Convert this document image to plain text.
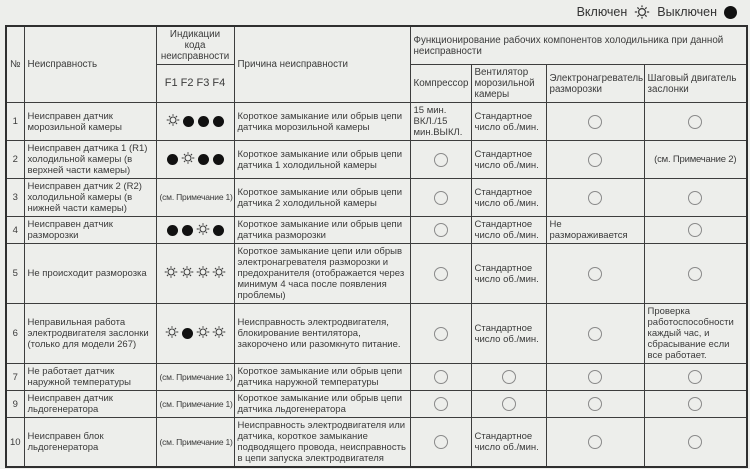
Включен Выключен
№	Неисправность	Индикации кода неисправности	Причина неисправности	Функционирование рабочих компонентов холодильника при данной неисправности			
		F1 F2 F3 F4		Компрессор	Вентилятор морозильной камеры	Электронагреватель разморозки	Шаговый двигатель заслонки
1	Неисправен датчик морозильной камеры		Короткое замыкание или обрыв цепи датчика морозильной камеры	15 мин. ВКЛ./15 мин.ВЫКЛ.	Стандартное число об./мин.		
2	Неисправен датчика 1 (R1) холодильной камеры (в верхней части камеры)		Короткое замыкание или обрыв цепи датчика 1 холодильной камеры		Стандартное число об./мин.		(см. Примечание 2)
3	Неисправен датчик 2 (R2) холодильной камеры (в нижней части камеры)	(см. Примечание 1)	Короткое замыкание или обрыв цепи датчика 2 холодильной камеры		Стандартное число об./мин.		
4	Неисправен датчик разморозки		Короткое замыкание или обрыв цепи датчика разморозки		Стандартное число об./мин.	Не размораживается	
5	Не происходит разморозка		Короткое замыкание цепи или обрыв электронагревателя разморозки и предохранителя (отображается через минимум 4 часа после появления проблемы)		Стандартное число об./мин.		
6	Неправильная работа электродвигателя заслонки (только для модели 267)		Неисправность электродвигателя, блокирование вентилятора, закорочено или разомкнуто питание.		Стандартное число об./мин.		Проверка работоспособности каждый час, и сбрасывание если все работает.
7	Не работает датчик наружной температуры	(см. Примечание 1)	Короткое замыкание или обрыв цепи датчика наружной температуры				
9	Неисправен датчик льдогенератора	(см. Примечание 1)	Короткое замыкание или обрыв цепи датчика льдогенератора				
10	Неисправен блок льдогенератора	(см. Примечание 1)	Неисправность электродвигателя или датчика, короткое замыкание подводящего провода, неисправность в цепи запуска электродвигателя		Стандартное число об./мин.		
